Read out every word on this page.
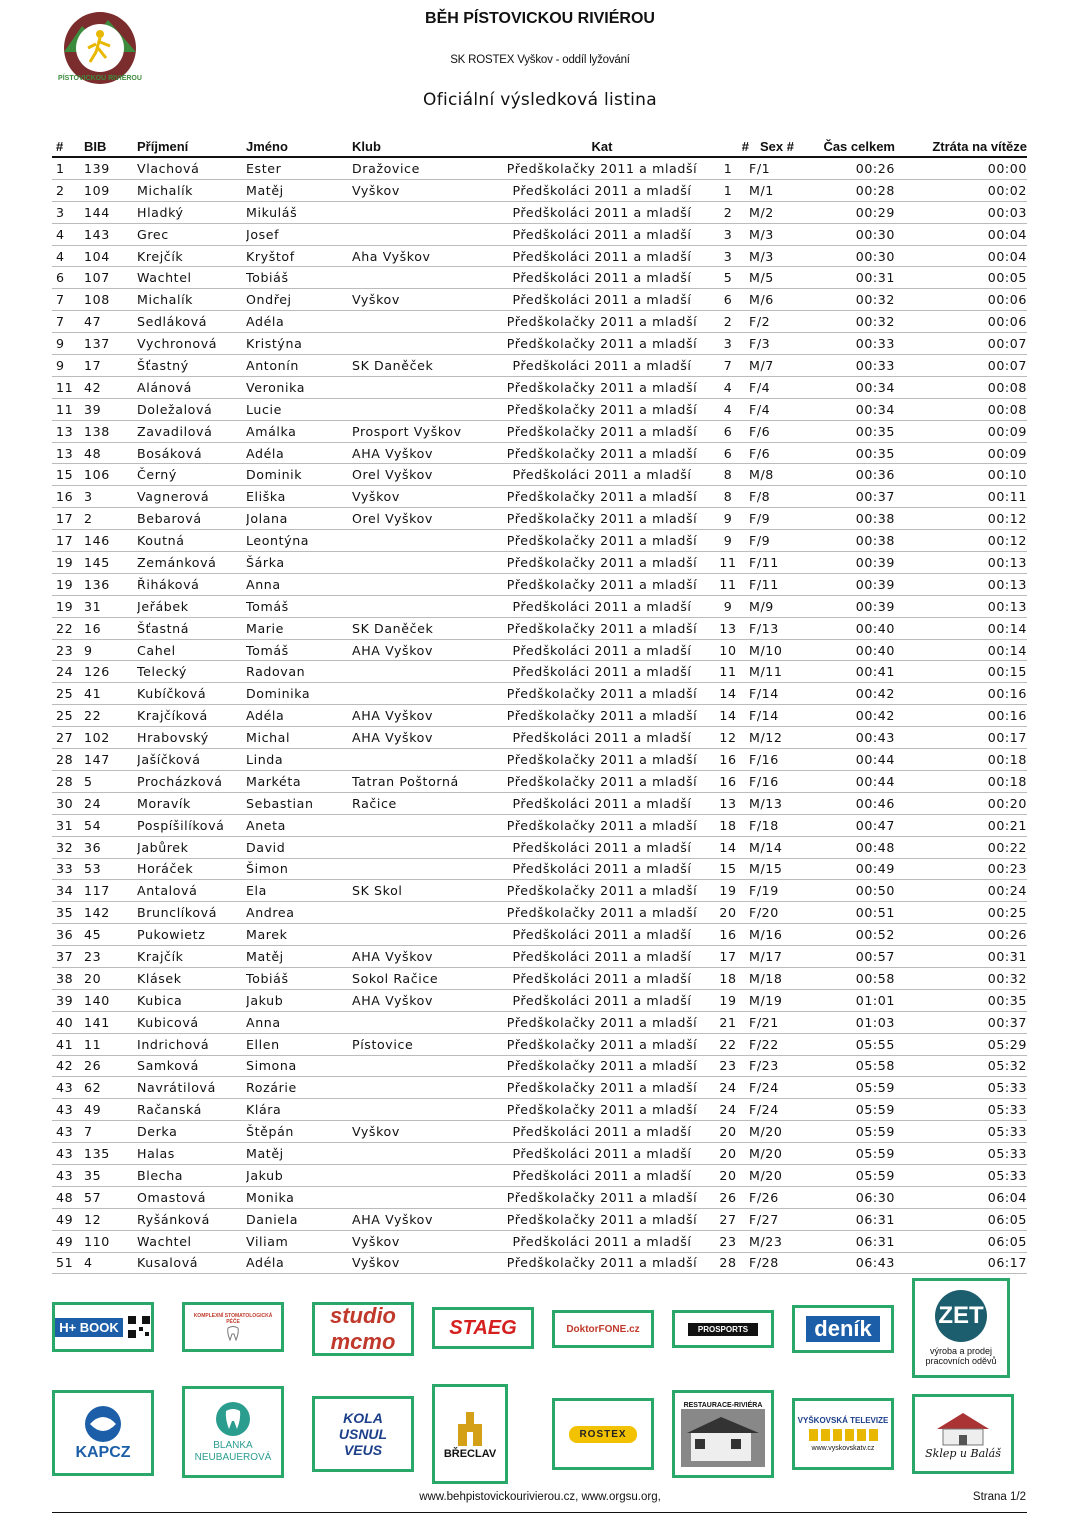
PÍSTOVICKOU RIVIÉROU
BĚH PÍSTOVICKOU RIVIÉROU
SK ROSTEX Vyškov - oddíl lyžování
Oficiální výsledková listina
#	BIB	Příjmení	Jméno	Klub	Kat	#	Sex #	Čas celkem	Ztráta na vítěze
1	139	Vlachová	Ester	Dražovice	Předškolačky 2011 a mladší	1	F/1	00:26	00:00
2	109	Michalík	Matěj	Vyškov	Předškoláci 2011 a mladší	1	M/1	00:28	00:02
3	144	Hladký	Mikuláš		Předškoláci 2011 a mladší	2	M/2	00:29	00:03
4	143	Grec	Josef		Předškoláci 2011 a mladší	3	M/3	00:30	00:04
4	104	Krejčík	Kryštof	Aha Vyškov	Předškoláci 2011 a mladší	3	M/3	00:30	00:04
6	107	Wachtel	Tobiáš		Předškoláci 2011 a mladší	5	M/5	00:31	00:05
7	108	Michalík	Ondřej	Vyškov	Předškoláci 2011 a mladší	6	M/6	00:32	00:06
7	47	Sedláková	Adéla		Předškolačky 2011 a mladší	2	F/2	00:32	00:06
9	137	Vychronová	Kristýna		Předškolačky 2011 a mladší	3	F/3	00:33	00:07
9	17	Šťastný	Antonín	SK Daněček	Předškoláci 2011 a mladší	7	M/7	00:33	00:07
11	42	Alánová	Veronika		Předškolačky 2011 a mladší	4	F/4	00:34	00:08
11	39	Doležalová	Lucie		Předškolačky 2011 a mladší	4	F/4	00:34	00:08
13	138	Zavadilová	Amálka	Prosport Vyškov	Předškolačky 2011 a mladší	6	F/6	00:35	00:09
13	48	Bosáková	Adéla	AHA Vyškov	Předškolačky 2011 a mladší	6	F/6	00:35	00:09
15	106	Černý	Dominik	Orel Vyškov	Předškoláci 2011 a mladší	8	M/8	00:36	00:10
16	3	Vagnerová	Eliška	Vyškov	Předškolačky 2011 a mladší	8	F/8	00:37	00:11
17	2	Bebarová	Jolana	Orel Vyškov	Předškolačky 2011 a mladší	9	F/9	00:38	00:12
17	146	Koutná	Leontýna		Předškolačky 2011 a mladší	9	F/9	00:38	00:12
19	145	Zemánková	Šárka		Předškolačky 2011 a mladší	11	F/11	00:39	00:13
19	136	Řiháková	Anna		Předškolačky 2011 a mladší	11	F/11	00:39	00:13
19	31	Jeřábek	Tomáš		Předškoláci 2011 a mladší	9	M/9	00:39	00:13
22	16	Šťastná	Marie	SK Daněček	Předškolačky 2011 a mladší	13	F/13	00:40	00:14
23	9	Cahel	Tomáš	AHA Vyškov	Předškoláci 2011 a mladší	10	M/10	00:40	00:14
24	126	Telecký	Radovan		Předškoláci 2011 a mladší	11	M/11	00:41	00:15
25	41	Kubíčková	Dominika		Předškolačky 2011 a mladší	14	F/14	00:42	00:16
25	22	Krajčíková	Adéla	AHA Vyškov	Předškolačky 2011 a mladší	14	F/14	00:42	00:16
27	102	Hrabovský	Michal	AHA Vyškov	Předškoláci 2011 a mladší	12	M/12	00:43	00:17
28	147	Jašíčková	Linda		Předškolačky 2011 a mladší	16	F/16	00:44	00:18
28	5	Procházková	Markéta	Tatran Poštorná	Předškolačky 2011 a mladší	16	F/16	00:44	00:18
30	24	Moravík	Sebastian	Račice	Předškoláci 2011 a mladší	13	M/13	00:46	00:20
31	54	Pospíšilíková	Aneta		Předškolačky 2011 a mladší	18	F/18	00:47	00:21
32	36	Jabůrek	David		Předškoláci 2011 a mladší	14	M/14	00:48	00:22
33	53	Horáček	Šimon		Předškoláci 2011 a mladší	15	M/15	00:49	00:23
34	117	Antalová	Ela	SK Skol	Předškolačky 2011 a mladší	19	F/19	00:50	00:24
35	142	Brunclíková	Andrea		Předškolačky 2011 a mladší	20	F/20	00:51	00:25
36	45	Pukowietz	Marek		Předškoláci 2011 a mladší	16	M/16	00:52	00:26
37	23	Krajčík	Matěj	AHA Vyškov	Předškoláci 2011 a mladší	17	M/17	00:57	00:31
38	20	Klásek	Tobiáš	Sokol Račice	Předškoláci 2011 a mladší	18	M/18	00:58	00:32
39	140	Kubica	Jakub	AHA Vyškov	Předškoláci 2011 a mladší	19	M/19	01:01	00:35
40	141	Kubicová	Anna		Předškolačky 2011 a mladší	21	F/21	01:03	00:37
41	11	Indrichová	Ellen	Pístovice	Předškolačky 2011 a mladší	22	F/22	05:55	05:29
42	26	Samková	Simona		Předškolačky 2011 a mladší	23	F/23	05:58	05:32
43	62	Navrátilová	Rozárie		Předškolačky 2011 a mladší	24	F/24	05:59	05:33
43	49	Račanská	Klára		Předškolačky 2011 a mladší	24	F/24	05:59	05:33
43	7	Derka	Štěpán	Vyškov	Předškoláci 2011 a mladší	20	M/20	05:59	05:33
43	135	Halas	Matěj		Předškoláci 2011 a mladší	20	M/20	05:59	05:33
43	35	Blecha	Jakub		Předškoláci 2011 a mladší	20	M/20	05:59	05:33
48	57	Omastová	Monika		Předškolačky 2011 a mladší	26	F/26	06:30	06:04
49	12	Ryšánková	Daniela	AHA Vyškov	Předškolačky 2011 a mladší	27	F/27	06:31	06:05
49	110	Wachtel	Viliam	Vyškov	Předškoláci 2011 a mladší	23	M/23	06:31	06:05
51	4	Kusalová	Adéla	Vyškov	Předškolačky 2011 a mladší	28	F/28	06:43	06:17
H+ BOOK
KOMPLEXNÍ STOMATOLOGICKÁ PÉČE	studio mcmo
STAEG	DoktorFONE.cz	PROSPORTS	deník	ZET
výroba a prodej pracovních oděvů
KAPCZ	BLANKA NEUBAUEROVÁ
KOLA USNUL VEUS	BŘECLAV
ROSTEX
RESTAURACE-RIVIÉRA
VYŠKOVSKÁ TELEVIZE
www.vyskovskatv.cz	Sklep u Baláš
www.behpistovickourivierou.cz, www.orgsu.org,	Strana 1/2
